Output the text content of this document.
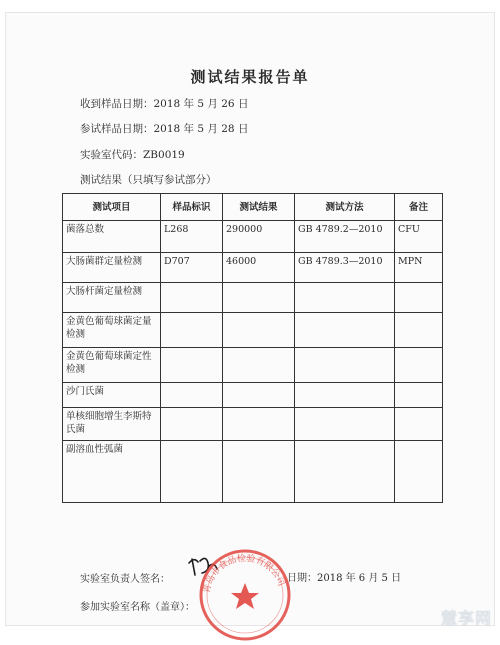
测试结果报告单
收到样品日期：2018 年 5 月 26 日
参试样品日期：2018 年 5 月 28 日
实验室代码：ZB0019
测试结果（只填写参试部分）
测试项目	样品标识	测试结果	测试方法	备注
菌落总数	L268	290000	GB 4789.2—2010	CFU
大肠菌群定量检测	D707	46000	GB 4789.3—2010	MPN
大肠杆菌定量检测				
金黄色葡萄球菌定量检测				
金黄色葡萄球菌定性检测				
沙门氏菌				
单核细胞增生李斯特氏菌				
副溶血性弧菌				
实验室负责人签名：	日期：2018 年 6 月 5 日
参加实验室名称（盖章）：
青岛市食品检验有限公司
慧享网
